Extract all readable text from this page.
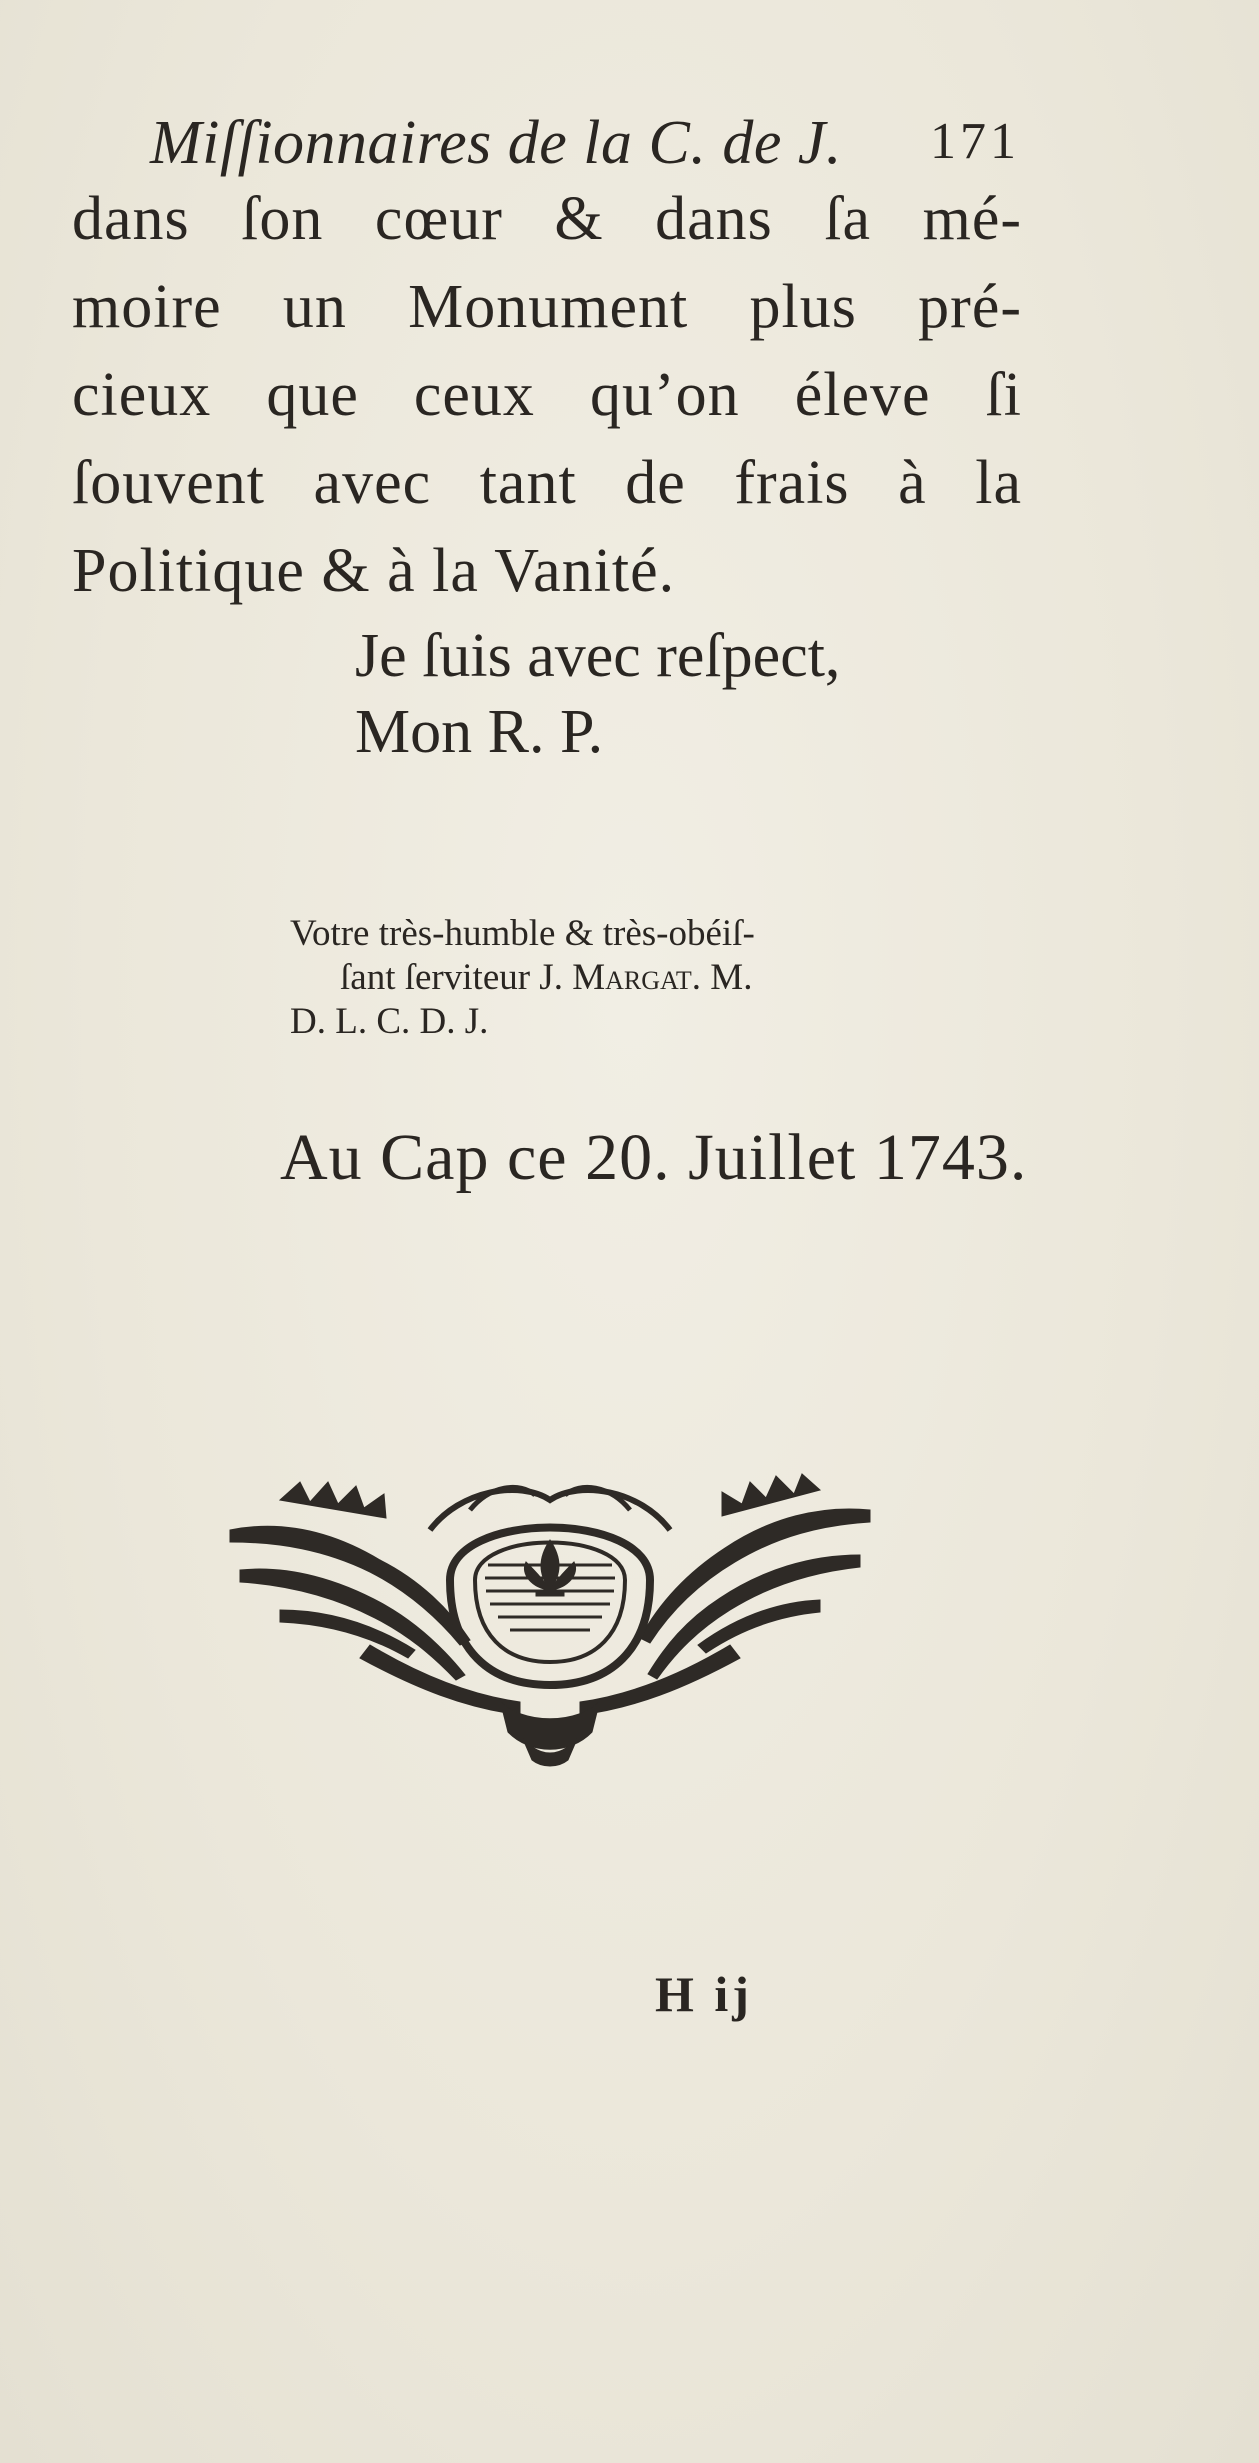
Miſſionnaires de la C. de J. 171
dans ſon cœur & dans ſa mé-
moire un Monument plus pré-
cieux que ceux qu’on éleve ſi
ſouvent avec tant de frais à la
Politique & à la Vanité.
Je ſuis avec reſpect,
Mon R. P.
Votre très-humble & très-obéiſ-
ſant ſerviteur J. Margat. M.
D. L. C. D. J.
Au Cap ce 20. Juillet 1743.
H ij
